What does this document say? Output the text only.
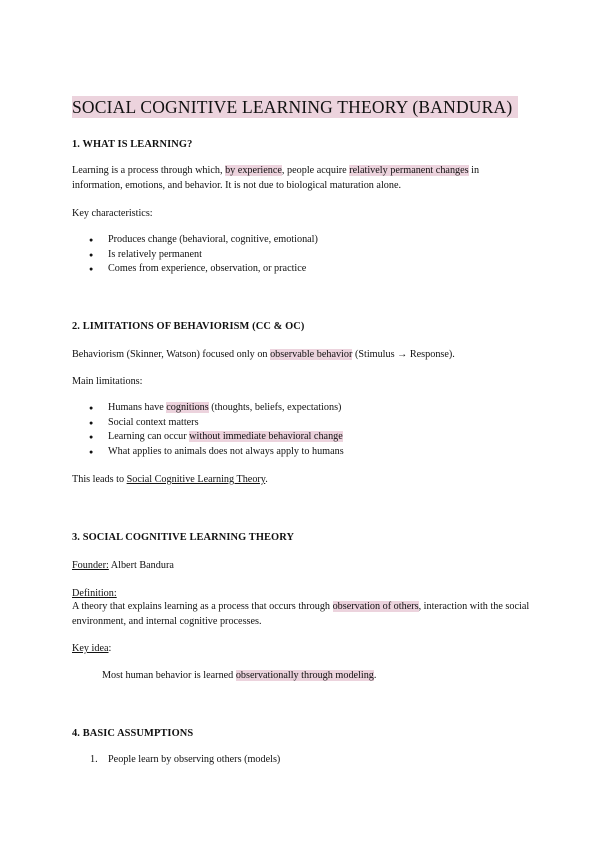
SOCIAL COGNITIVE LEARNING THEORY (BANDURA)
1. WHAT IS LEARNING?
Learning is a process through which, by experience, people acquire relatively permanent changes in information, emotions, and behavior. It is not due to biological maturation alone.
Key characteristics:
● Produces change (behavioral, cognitive, emotional)
● Is relatively permanent
● Comes from experience, observation, or practice
2. LIMITATIONS OF BEHAVIORISM (CC & OC)
Behaviorism (Skinner, Watson) focused only on observable behavior (Stimulus → Response).
Main limitations:
● Humans have cognitions (thoughts, beliefs, expectations)
● Social context matters
● Learning can occur without immediate behavioral change
● What applies to animals does not always apply to humans
This leads to Social Cognitive Learning Theory.
3. SOCIAL COGNITIVE LEARNING THEORY
Founder: Albert Bandura
Definition:
A theory that explains learning as a process that occurs through observation of others, interaction with the social environment, and internal cognitive processes.
Key idea:
Most human behavior is learned observationally through modeling.
4. BASIC ASSUMPTIONS
1. People learn by observing others (models)
